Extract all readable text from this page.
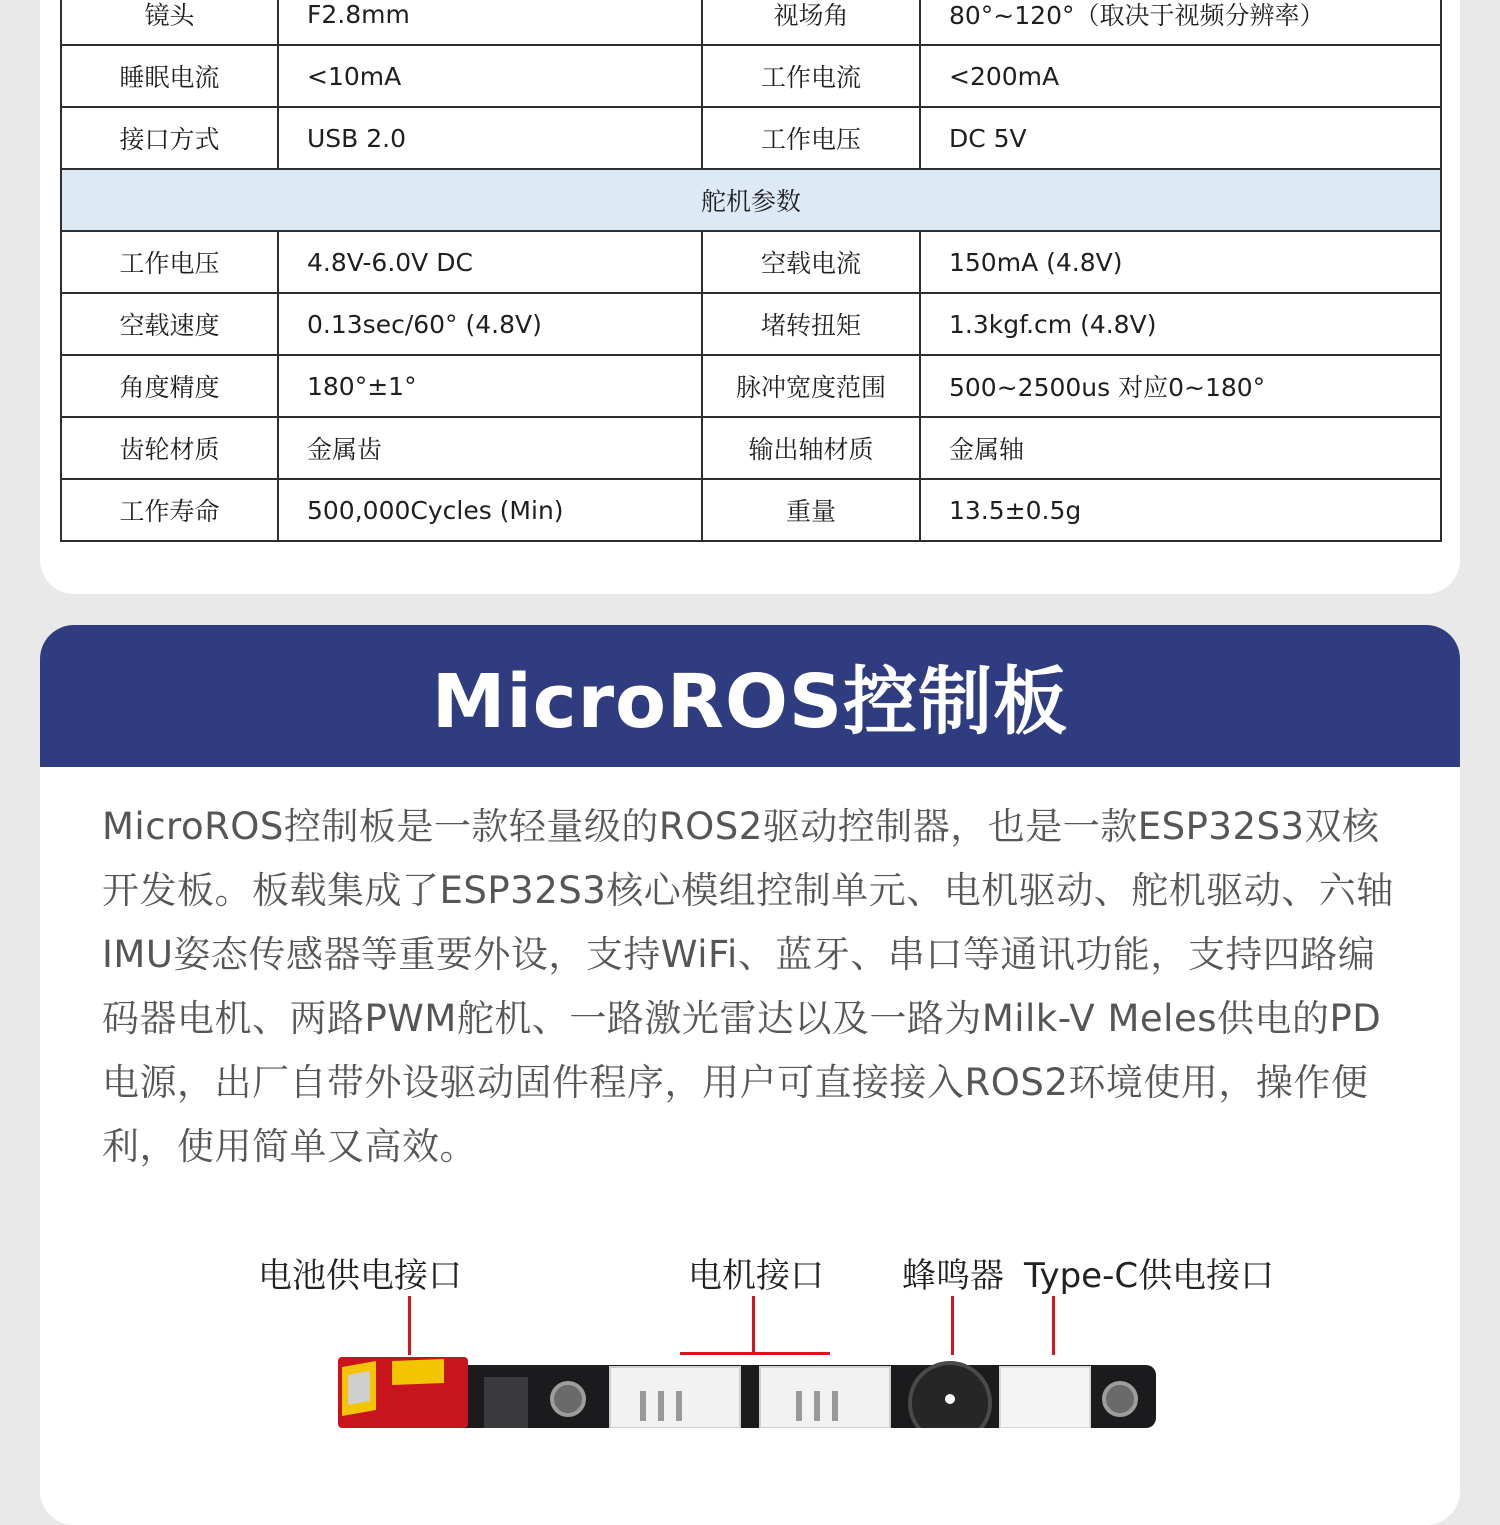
镜头	F2.8mm	视场角	80°~120°（取决于视频分辨率）
睡眠电流	<10mA	工作电流	<200mA
接口方式	USB 2.0	工作电压	DC 5V
舵机参数			
工作电压	4.8V-6.0V DC	空载电流	150mA (4.8V)
空载速度	0.13sec/60° (4.8V)	堵转扭矩	1.3kgf.cm (4.8V)
角度精度	180°±1°	脉冲宽度范围	500~2500us 对应0~180°
齿轮材质	金属齿	输出轴材质	金属轴
工作寿命	500,000Cycles (Min)	重量	13.5±0.5g
MicroROS控制板

MicroROS控制板是一款轻量级的ROS2驱动控制器，也是一款ESP32S3双核开发板。板载集成了ESP32S3核心模组控制单元、电机驱动、舵机驱动、六轴IMU姿态传感器等重要外设，支持WiFi、蓝牙、串口等通讯功能，支持四路编码器电机、两路PWM舵机、一路激光雷达以及一路为Milk-V Meles供电的PD电源，出厂自带外设驱动固件程序，用户可直接接入ROS2环境使用，操作便利，使用简单又高效。

电池供电接口	电机接口 蜂鸣器 Type-C供电接口
